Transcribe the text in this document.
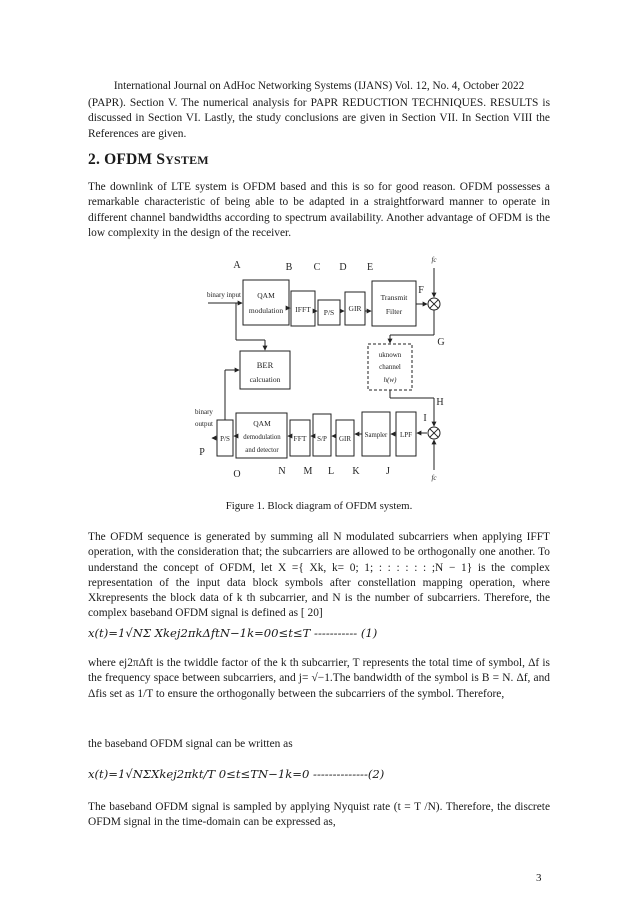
International Journal on AdHoc Networking Systems (IJANS) Vol. 12, No. 4, October 2022
(PAPR). Section V. The numerical analysis for PAPR REDUCTION TECHNIQUES. RESULTS is discussed in Section VI. Lastly, the study conclusions are given in Section VII. In Section VIII the References are given.
2. OFDM SYSTEM
The downlink of LTE system is OFDM based and this is so for good reason. OFDM possesses a remarkable characteristic of being able to be adapted in a straightforward manner to operate in different channel bandwidths according to spectrum availability. Another advantage of OFDM is the low complexity in the design of the receiver.
QAM
modulation IFFT P/S GIR
Transmit
Filter
BER
calcuation
uknown
channel
h(w)
P/S
QAM
demodulation
and detector
FFT S/P GIR Sampler LPF
binary input
binary
output
fc
fc
A	B C D E
F
G
H
I
J
K
L
M
N
O
P
Figure 1. Block diagram of OFDM system.
The OFDM sequence is generated by summing all N modulated subcarriers when applying IFFT operation, with the consideration that; the subcarriers are allowed to be orthogonally one another. To understand the concept of OFDM, let X ={ Xk, k= 0; 1; : : : : : : ;N − 1} is the complex representation of the input data block symbols after constellation mapping operation, where Xkrepresents the block data of k th subcarrier, and N is the number of subcarriers. Therefore, the complex baseband OFDM signal is defined as [ 20]
x(t)=1√NΣ Xkej2πkΔftN−1k=00≤t≤T ----------- (1)
where ej2πΔft is the twiddle factor of the k th subcarrier, T represents the total time of symbol, Δf is the frequency space between subcarriers, and j= √−1.The bandwidth of the symbol is B = N. Δf, and Δfis set as 1/T to ensure the orthogonally between the subcarriers of the symbol. Therefore,
the baseband OFDM signal can be written as
x(t)=1√NΣXkej2πkt/T 0≤t≤TN−1k=0 --------------(2)
The baseband OFDM signal is sampled by applying Nyquist rate (t = T /N). Therefore, the discrete OFDM signal in the time-domain can be expressed as,
3
